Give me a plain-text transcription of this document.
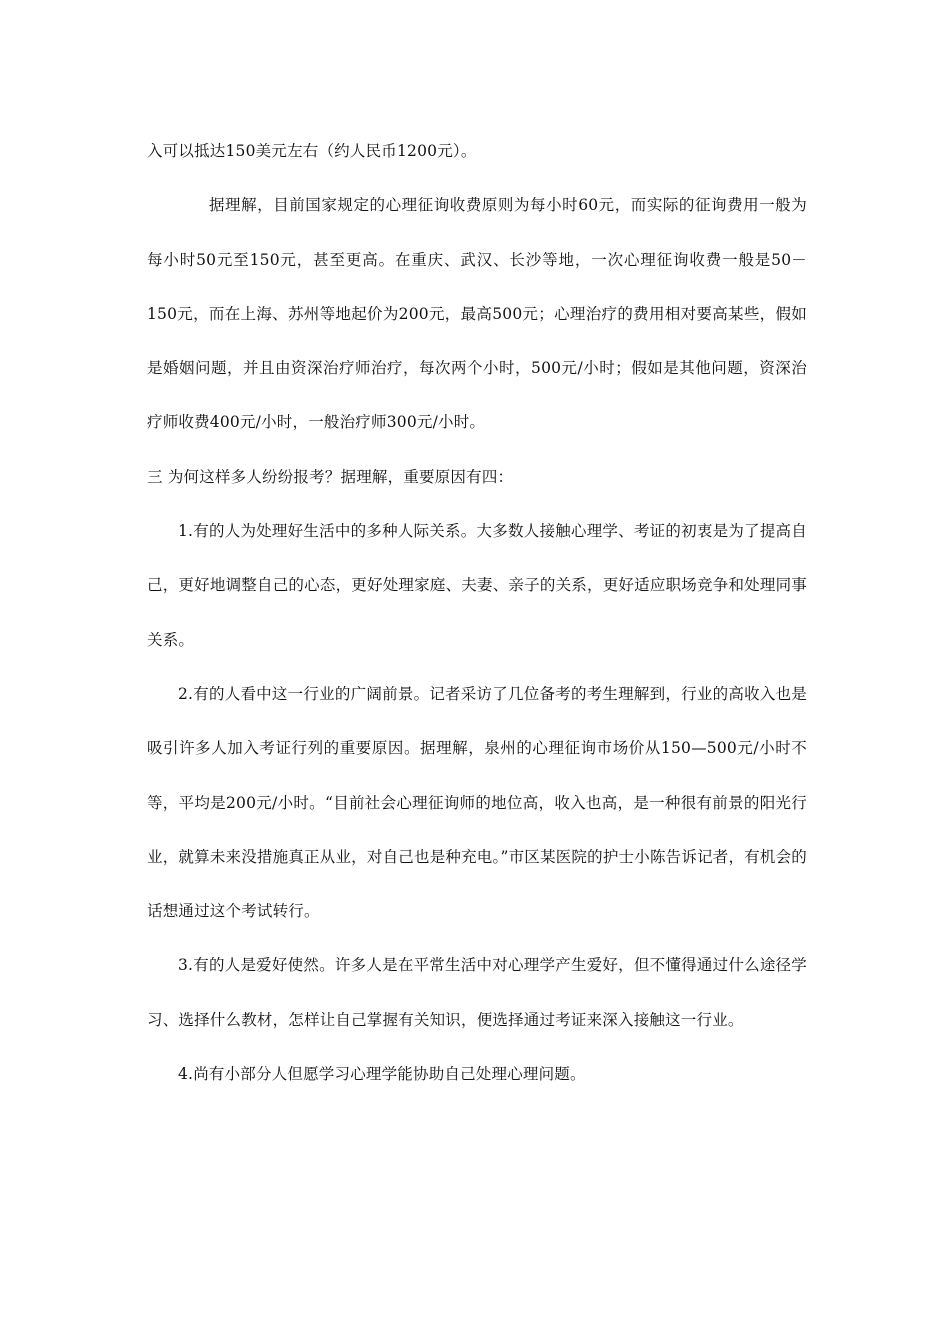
入可以抵达150美元左右（约人民币1200元）。

据理解，目前国家规定的心理征询收费原则为每小时60元，而实际的征询费用一般为每小时50元至150元，甚至更高。在重庆、武汉、长沙等地，一次心理征询收费一般是50－150元，而在上海、苏州等地起价为200元，最高500元；心理治疗的费用相对要高某些，假如是婚姻问题，并且由资深治疗师治疗，每次两个小时，500元/小时；假如是其他问题，资深治疗师收费400元/小时，一般治疗师300元/小时。

三 为何这样多人纷纷报考？据理解，重要原因有四：

1.有的人为处理好生活中的多种人际关系。大多数人接触心理学、考证的初衷是为了提高自己，更好地调整自己的心态，更好处理家庭、夫妻、亲子的关系，更好适应职场竞争和处理同事关系。

2.有的人看中这一行业的广阔前景。记者采访了几位备考的考生理解到，行业的高收入也是吸引许多人加入考证行列的重要原因。据理解，泉州的心理征询市场价从150—500元/小时不等，平均是200元/小时。“目前社会心理征询师的地位高，收入也高，是一种很有前景的阳光行业，就算未来没措施真正从业，对自己也是种充电。”市区某医院的护士小陈告诉记者，有机会的话想通过这个考试转行。

3.有的人是爱好使然。许多人是在平常生活中对心理学产生爱好，但不懂得通过什么途径学习、选择什么教材，怎样让自己掌握有关知识，便选择通过考证来深入接触这一行业。

4.尚有小部分人但愿学习心理学能协助自己处理心理问题。
